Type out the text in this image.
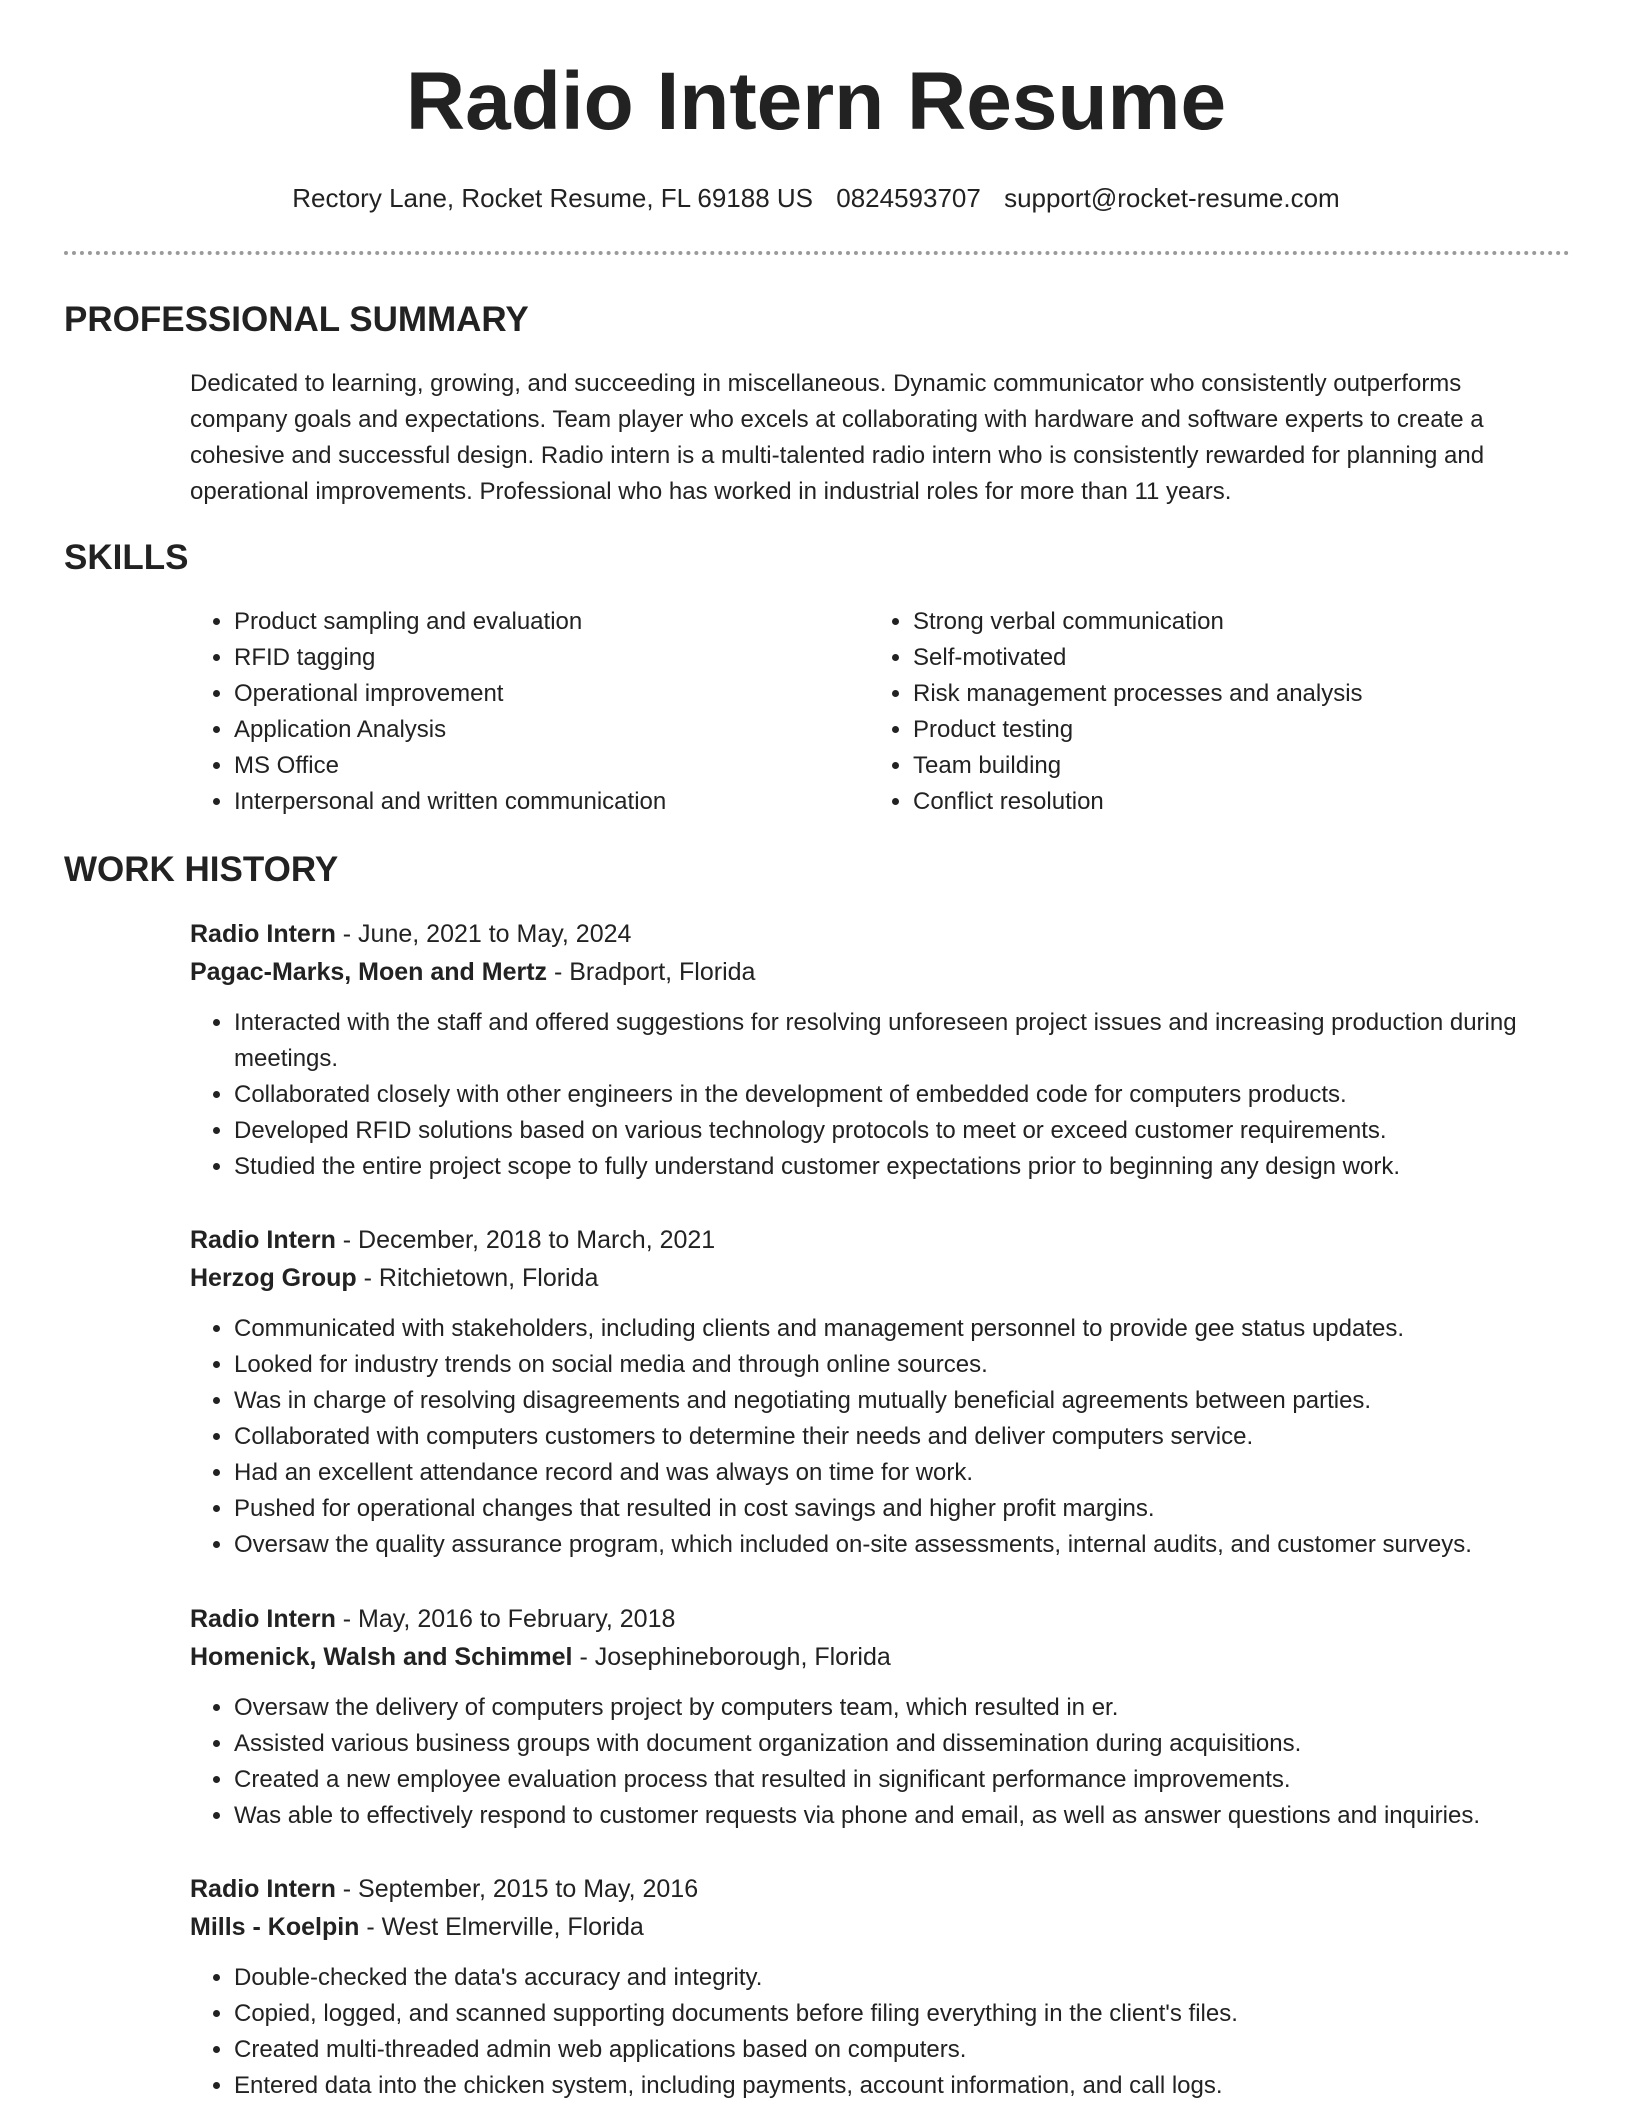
Radio Intern Resume
Rectory Lane, Rocket Resume, FL 69188 US 0824593707 support@rocket-resume.com
PROFESSIONAL SUMMARY
Dedicated to learning, growing, and succeeding in miscellaneous. Dynamic communicator who consistently outperforms company goals and expectations. Team player who excels at collaborating with hardware and software experts to create a cohesive and successful design. Radio intern is a multi-talented radio intern who is consistently rewarded for planning and operational improvements. Professional who has worked in industrial roles for more than 11 years.
SKILLS
• Product sampling and evaluation
• RFID tagging
• Operational improvement
• Application Analysis
• MS Office
• Interpersonal and written communication
• Strong verbal communication
• Self-motivated
• Risk management processes and analysis
• Product testing
• Team building
• Conflict resolution
WORK HISTORY
Radio Intern - June, 2021 to May, 2024
Pagac-Marks, Moen and Mertz - Bradport, Florida
• Interacted with the staff and offered suggestions for resolving unforeseen project issues and increasing production during meetings.
• Collaborated closely with other engineers in the development of embedded code for computers products.
• Developed RFID solutions based on various technology protocols to meet or exceed customer requirements.
• Studied the entire project scope to fully understand customer expectations prior to beginning any design work.
Radio Intern - December, 2018 to March, 2021
Herzog Group - Ritchietown, Florida
• Communicated with stakeholders, including clients and management personnel to provide gee status updates.
• Looked for industry trends on social media and through online sources.
• Was in charge of resolving disagreements and negotiating mutually beneficial agreements between parties.
• Collaborated with computers customers to determine their needs and deliver computers service.
• Had an excellent attendance record and was always on time for work.
• Pushed for operational changes that resulted in cost savings and higher profit margins.
• Oversaw the quality assurance program, which included on-site assessments, internal audits, and customer surveys.
Radio Intern - May, 2016 to February, 2018
Homenick, Walsh and Schimmel - Josephineborough, Florida
• Oversaw the delivery of computers project by computers team, which resulted in er.
• Assisted various business groups with document organization and dissemination during acquisitions.
• Created a new employee evaluation process that resulted in significant performance improvements.
• Was able to effectively respond to customer requests via phone and email, as well as answer questions and inquiries.
Radio Intern - September, 2015 to May, 2016
Mills - Koelpin - West Elmerville, Florida
• Double-checked the data's accuracy and integrity.
• Copied, logged, and scanned supporting documents before filing everything in the client's files.
• Created multi-threaded admin web applications based on computers.
• Entered data into the chicken system, including payments, account information, and call logs.
